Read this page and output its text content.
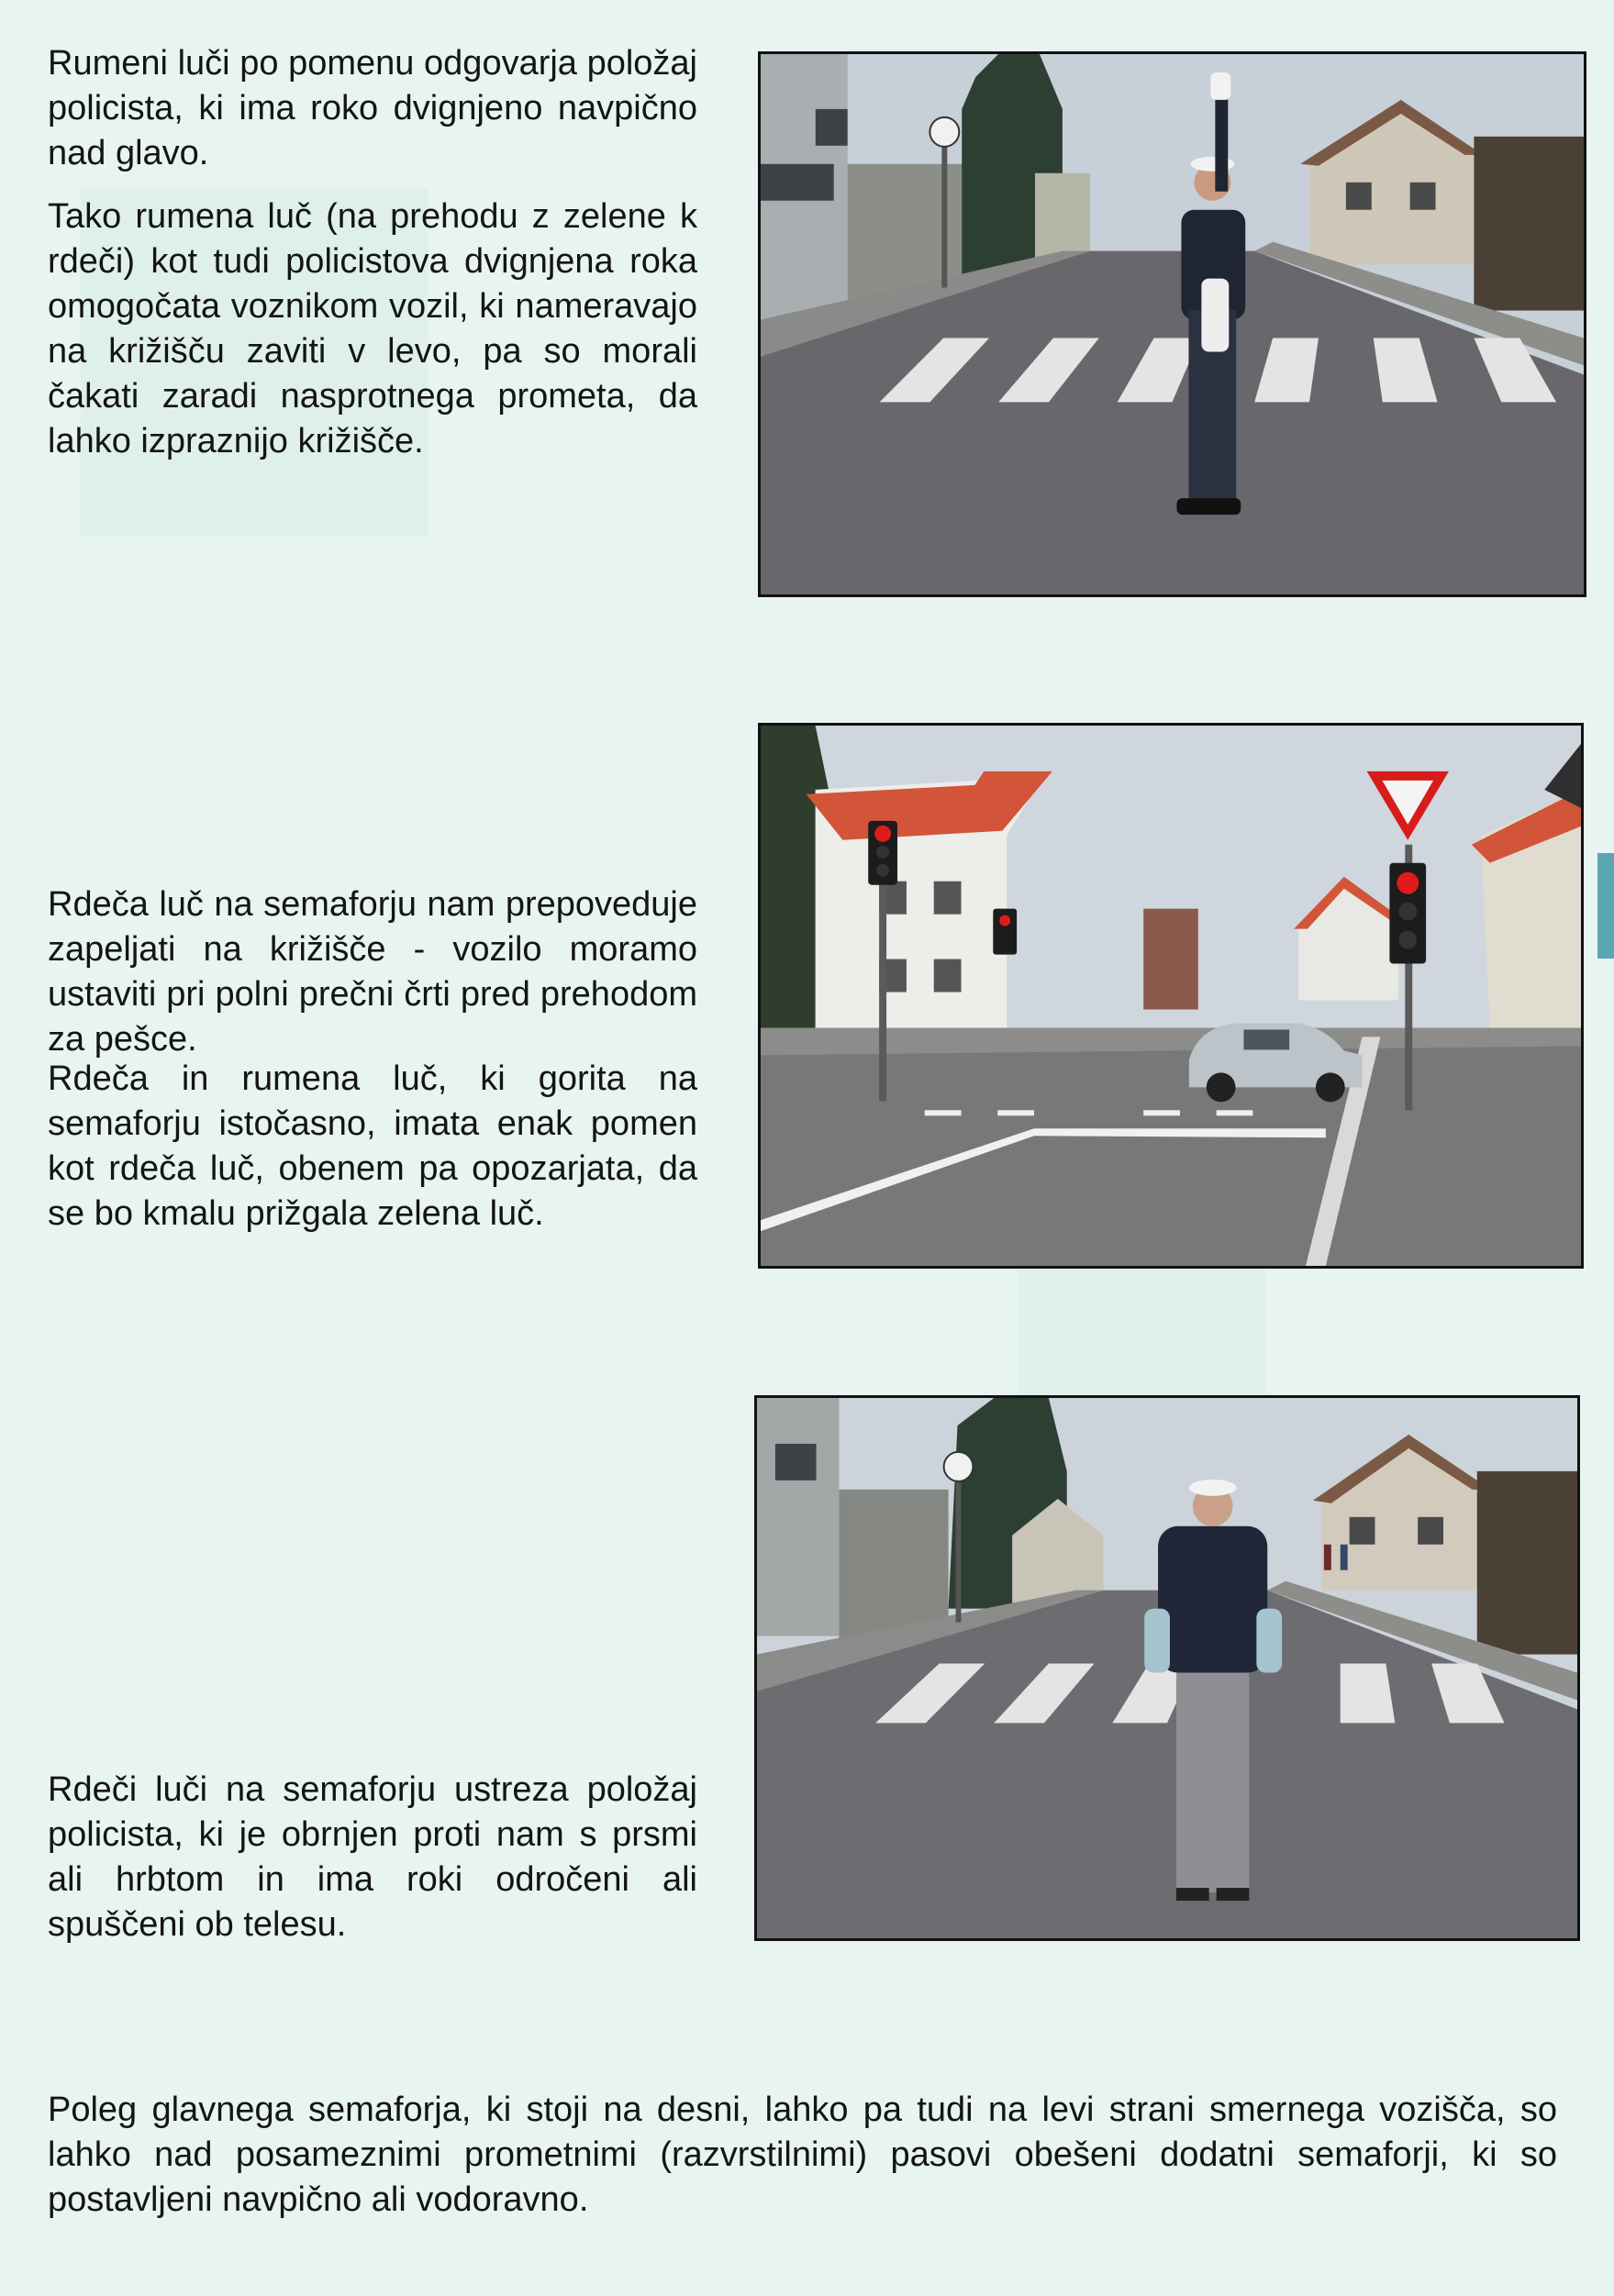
Rumeni luči po pomenu odgovarja položaj policista, ki ima roko dvignjeno navpično nad glavo.

Tako rumena luč (na prehodu z zelene k rdeči) kot tudi policistova dvignjena roka omogočata voznikom vozil, ki nameravajo na križišču zaviti v levo, pa so morali čakati zaradi nasprotnega prometa, da lahko izpraznijo križišče.

Rdeča luč na semaforju nam prepoveduje zapeljati na križišče - vozilo moramo ustaviti pri polni prečni črti pred prehodom za pešce.

Rdeča in rumena luč, ki gorita na semaforju istočasno, imata enak pomen kot rdeča luč, obenem pa opozarjata, da se bo kmalu prižgala zelena luč.

Rdeči luči na semaforju ustreza položaj policista, ki je obrnjen proti nam s prsmi ali hrbtom in ima roki odročeni ali spuščeni ob telesu.

Poleg glavnega semaforja, ki stoji na desni, lahko pa tudi na levi strani smernega vozišča, so lahko nad posameznimi prometnimi (razvrstilnimi) pasovi obešeni dodatni semaforji, ki so postavljeni navpično ali vodoravno.
